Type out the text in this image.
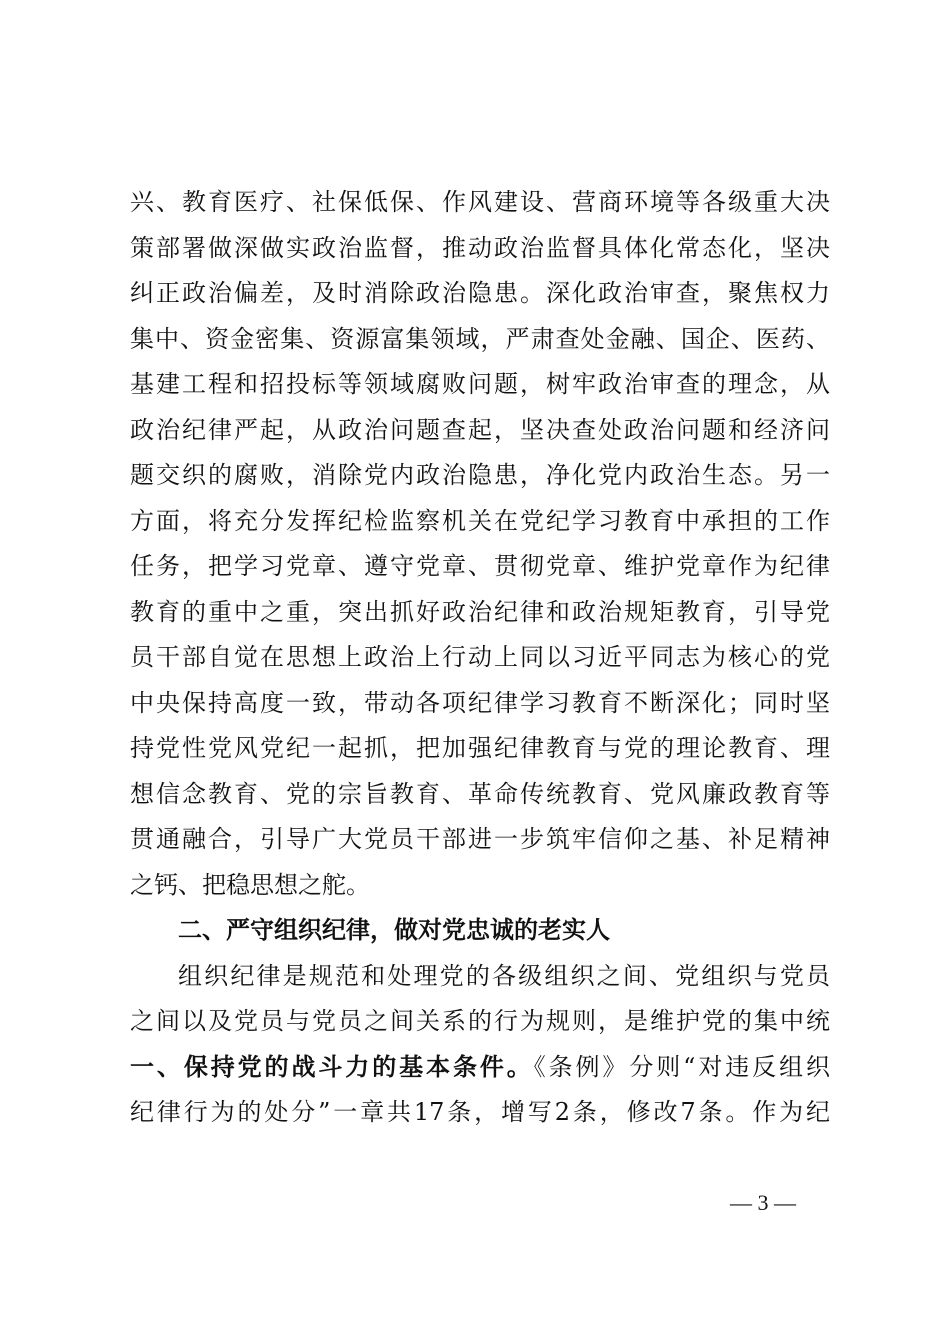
兴、教育医疗、社保低保、作风建设、营商环境等各级重大决
策部署做深做实政治监督，推动政治监督具体化常态化，坚决
纠正政治偏差，及时消除政治隐患。深化政治审查，聚焦权力
集中、资金密集、资源富集领域，严肃查处金融、国企、医药、
基建工程和招投标等领域腐败问题，树牢政治审查的理念，从
政治纪律严起，从政治问题查起，坚决查处政治问题和经济问
题交织的腐败，消除党内政治隐患，净化党内政治生态。另一
方面，将充分发挥纪检监察机关在党纪学习教育中承担的工作
任务，把学习党章、遵守党章、贯彻党章、维护党章作为纪律
教育的重中之重，突出抓好政治纪律和政治规矩教育，引导党
员干部自觉在思想上政治上行动上同以习近平同志为核心的党
中央保持高度一致，带动各项纪律学习教育不断深化；同时坚
持党性党风党纪一起抓，把加强纪律教育与党的理论教育、理
想信念教育、党的宗旨教育、革命传统教育、党风廉政教育等
贯通融合，引导广大党员干部进一步筑牢信仰之基、补足精神
之钙、把稳思想之舵。
二、严守组织纪律，做对党忠诚的老实人
组织纪律是规范和处理党的各级组织之间、党组织与党员
之间以及党员与党员之间关系的行为规则，是维护党的集中统
一、保持党的战斗力的基本条件。《条例》分则“对违反组织
纪律行为的处分”一章共17条，增写2条，修改7条。作为纪
— 3 —
